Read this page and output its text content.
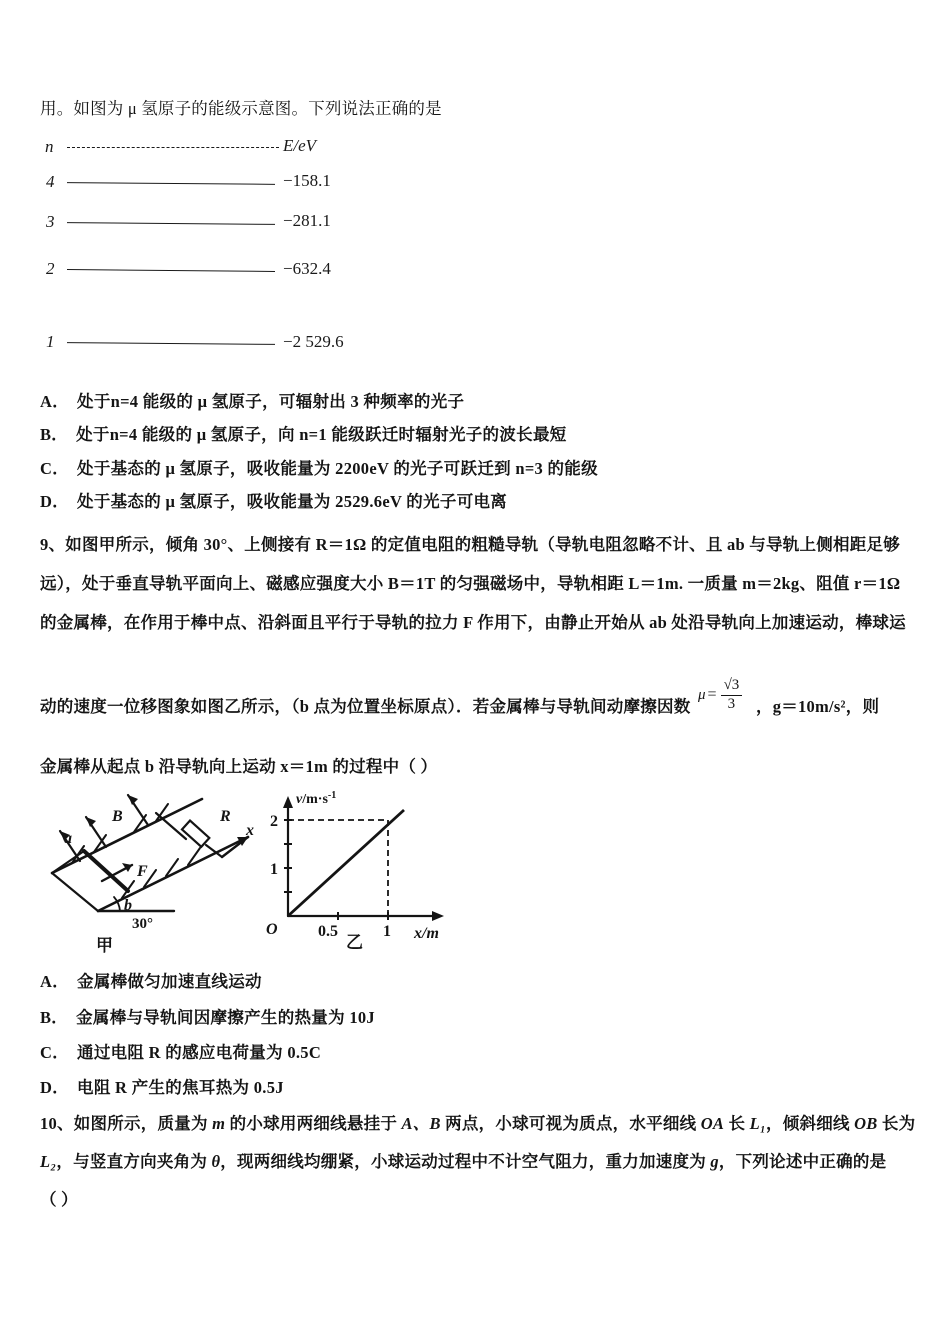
用。如图为 μ 氢原子的能级示意图。下列说法正确的是
n	E/eV
4	−158.1
3	−281.1
2	−632.4
1	−2 529.6
A． 处于n=4 能级的 μ 氢原子，可辐射出 3 种频率的光子
B． 处于n=4 能级的 μ 氢原子，向 n=1 能级跃迁时辐射光子的波长最短
C． 处于基态的 μ 氢原子，吸收能量为 2200eV 的光子可跃迁到 n=3 的能级
D． 处于基态的 μ 氢原子，吸收能量为 2529.6eV 的光子可电离
9、如图甲所示，倾角 30°、上侧接有 R＝1Ω 的定值电阻的粗糙导轨（导轨电阻忽略不计、且 ab 与导轨上侧相距足够
远），处于垂直导轨平面向上、磁感应强度大小 B＝1T 的匀强磁场中，导轨相距 L＝1m. 一质量 m＝2kg、阻值 r＝1Ω
的金属棒，在作用于棒中点、沿斜面且平行于导轨的拉力 F 作用下，由静止开始从 ab 处沿导轨向上加速运动，棒球运
动的速度一位移图象如图乙所示，（b 点为位置坐标原点）．若金属棒与导轨间动摩擦因数
$\mu = \frac{√3}{3}$ ，g＝10m/s²，则
金属棒从起点 b 沿导轨向上运动 x＝1m 的过程中（ ）
a
b
B
F
R
x
30°
甲
2
1
O	0.5	1 x/m
$v/m\cdot s^{-1}$
乙
A． 金属棒做匀加速直线运动
B． 金属棒与导轨间因摩擦产生的热量为 10J
C． 通过电阻 R 的感应电荷量为 0.5C
D． 电阻 R 产生的焦耳热为 0.5J
10、如图所示，质量为 m 的小球用两细线悬挂于 A、B 两点，小球可视为质点，水平细线 OA 长 L₁，倾斜细线 OB 长为
L₂，与竖直方向夹角为 θ，现两细线均绷紧，小球运动过程中不计空气阻力，重力加速度为 g，下列论述中正确的是
（ ）
